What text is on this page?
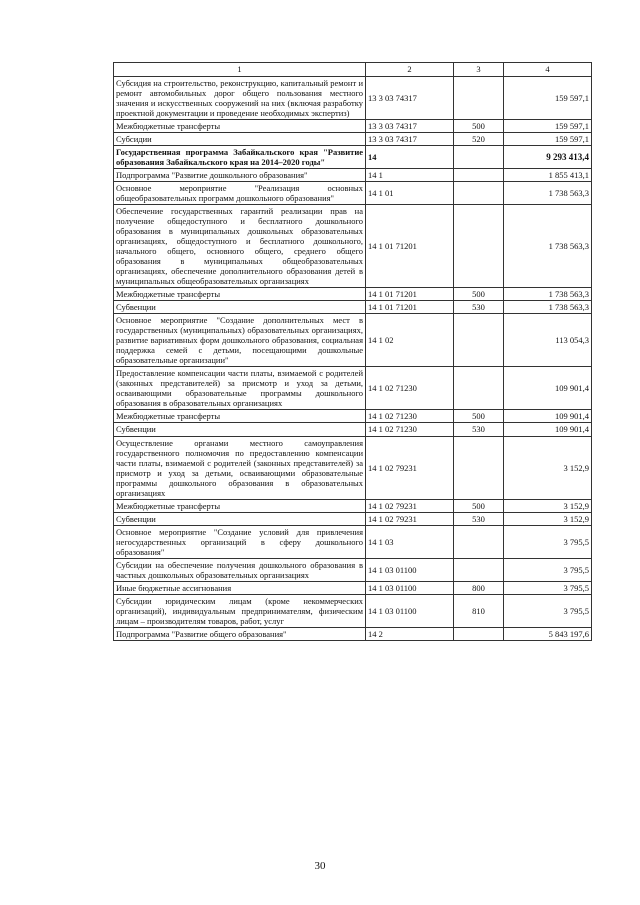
1	2	3	4
Субсидия на строительство, реконструкцию, капитальный ремонт и ремонт автомобильных дорог общего пользования местного значения и искусственных сооружений на них (включая разработку проектной документации и проведение необходимых экспертиз)	13 3 03 74317		159 597,1
Межбюджетные трансферты	13 3 03 74317	500	159 597,1
Субсидии	13 3 03 74317	520	159 597,1
Государственная программа Забайкальского края "Развитие образования Забайкальского края на 2014–2020 годы"	14		9 293 413,4
Подпрограмма "Развитие дошкольного образования"	14 1		1 855 413,1
Основное мероприятие "Реализация основных общеобразовательных программ дошкольного образования"	14 1 01		1 738 563,3
Обеспечение государственных гарантий реализации прав на получение общедоступного и бесплатного дошкольного образования в муниципальных дошкольных образовательных организациях, общедоступного и бесплатного дошкольного, начального общего, основного общего, среднего общего образования в муниципальных общеобразовательных организациях, обеспечение дополнительного образования детей в муниципальных общеобразовательных организациях	14 1 01 71201		1 738 563,3
Межбюджетные трансферты	14 1 01 71201	500	1 738 563,3
Субвенции	14 1 01 71201	530	1 738 563,3
Основное мероприятие "Создание дополнительных мест в государственных (муниципальных) образовательных организациях, развитие вариативных форм дошкольного образования, социальная поддержка семей с детьми, посещающими дошкольные образовательные организации"	14 1 02		113 054,3
Предоставление компенсации части платы, взимаемой с родителей (законных представителей) за присмотр и уход за детьми, осваивающими образовательные программы дошкольного образования в образовательных организациях	14 1 02 71230		109 901,4
Межбюджетные трансферты	14 1 02 71230	500	109 901,4
Субвенции	14 1 02 71230	530	109 901,4
Осуществление органами местного самоуправления государственного полномочия по предоставлению компенсации части платы, взимаемой с родителей (законных представителей) за присмотр и уход за детьми, осваивающими образовательные программы дошкольного образования в образовательных организациях	14 1 02 79231		3 152,9
Межбюджетные трансферты	14 1 02 79231	500	3 152,9
Субвенции	14 1 02 79231	530	3 152,9
Основное мероприятие "Создание условий для привлечения негосударственных организаций в сферу дошкольного образования"	14 1 03		3 795,5
Субсидии на обеспечение получения дошкольного образования в частных дошкольных образовательных организациях	14 1 03 01100		3 795,5
Иные бюджетные ассигнования	14 1 03 01100	800	3 795,5
Субсидии юридическим лицам (кроме некоммерческих организаций), индивидуальным предпринимателям, физическим лицам – производителям товаров, работ, услуг	14 1 03 01100	810	3 795,5
Подпрограмма "Развитие общего образования"	14 2		5 843 197,6
30
